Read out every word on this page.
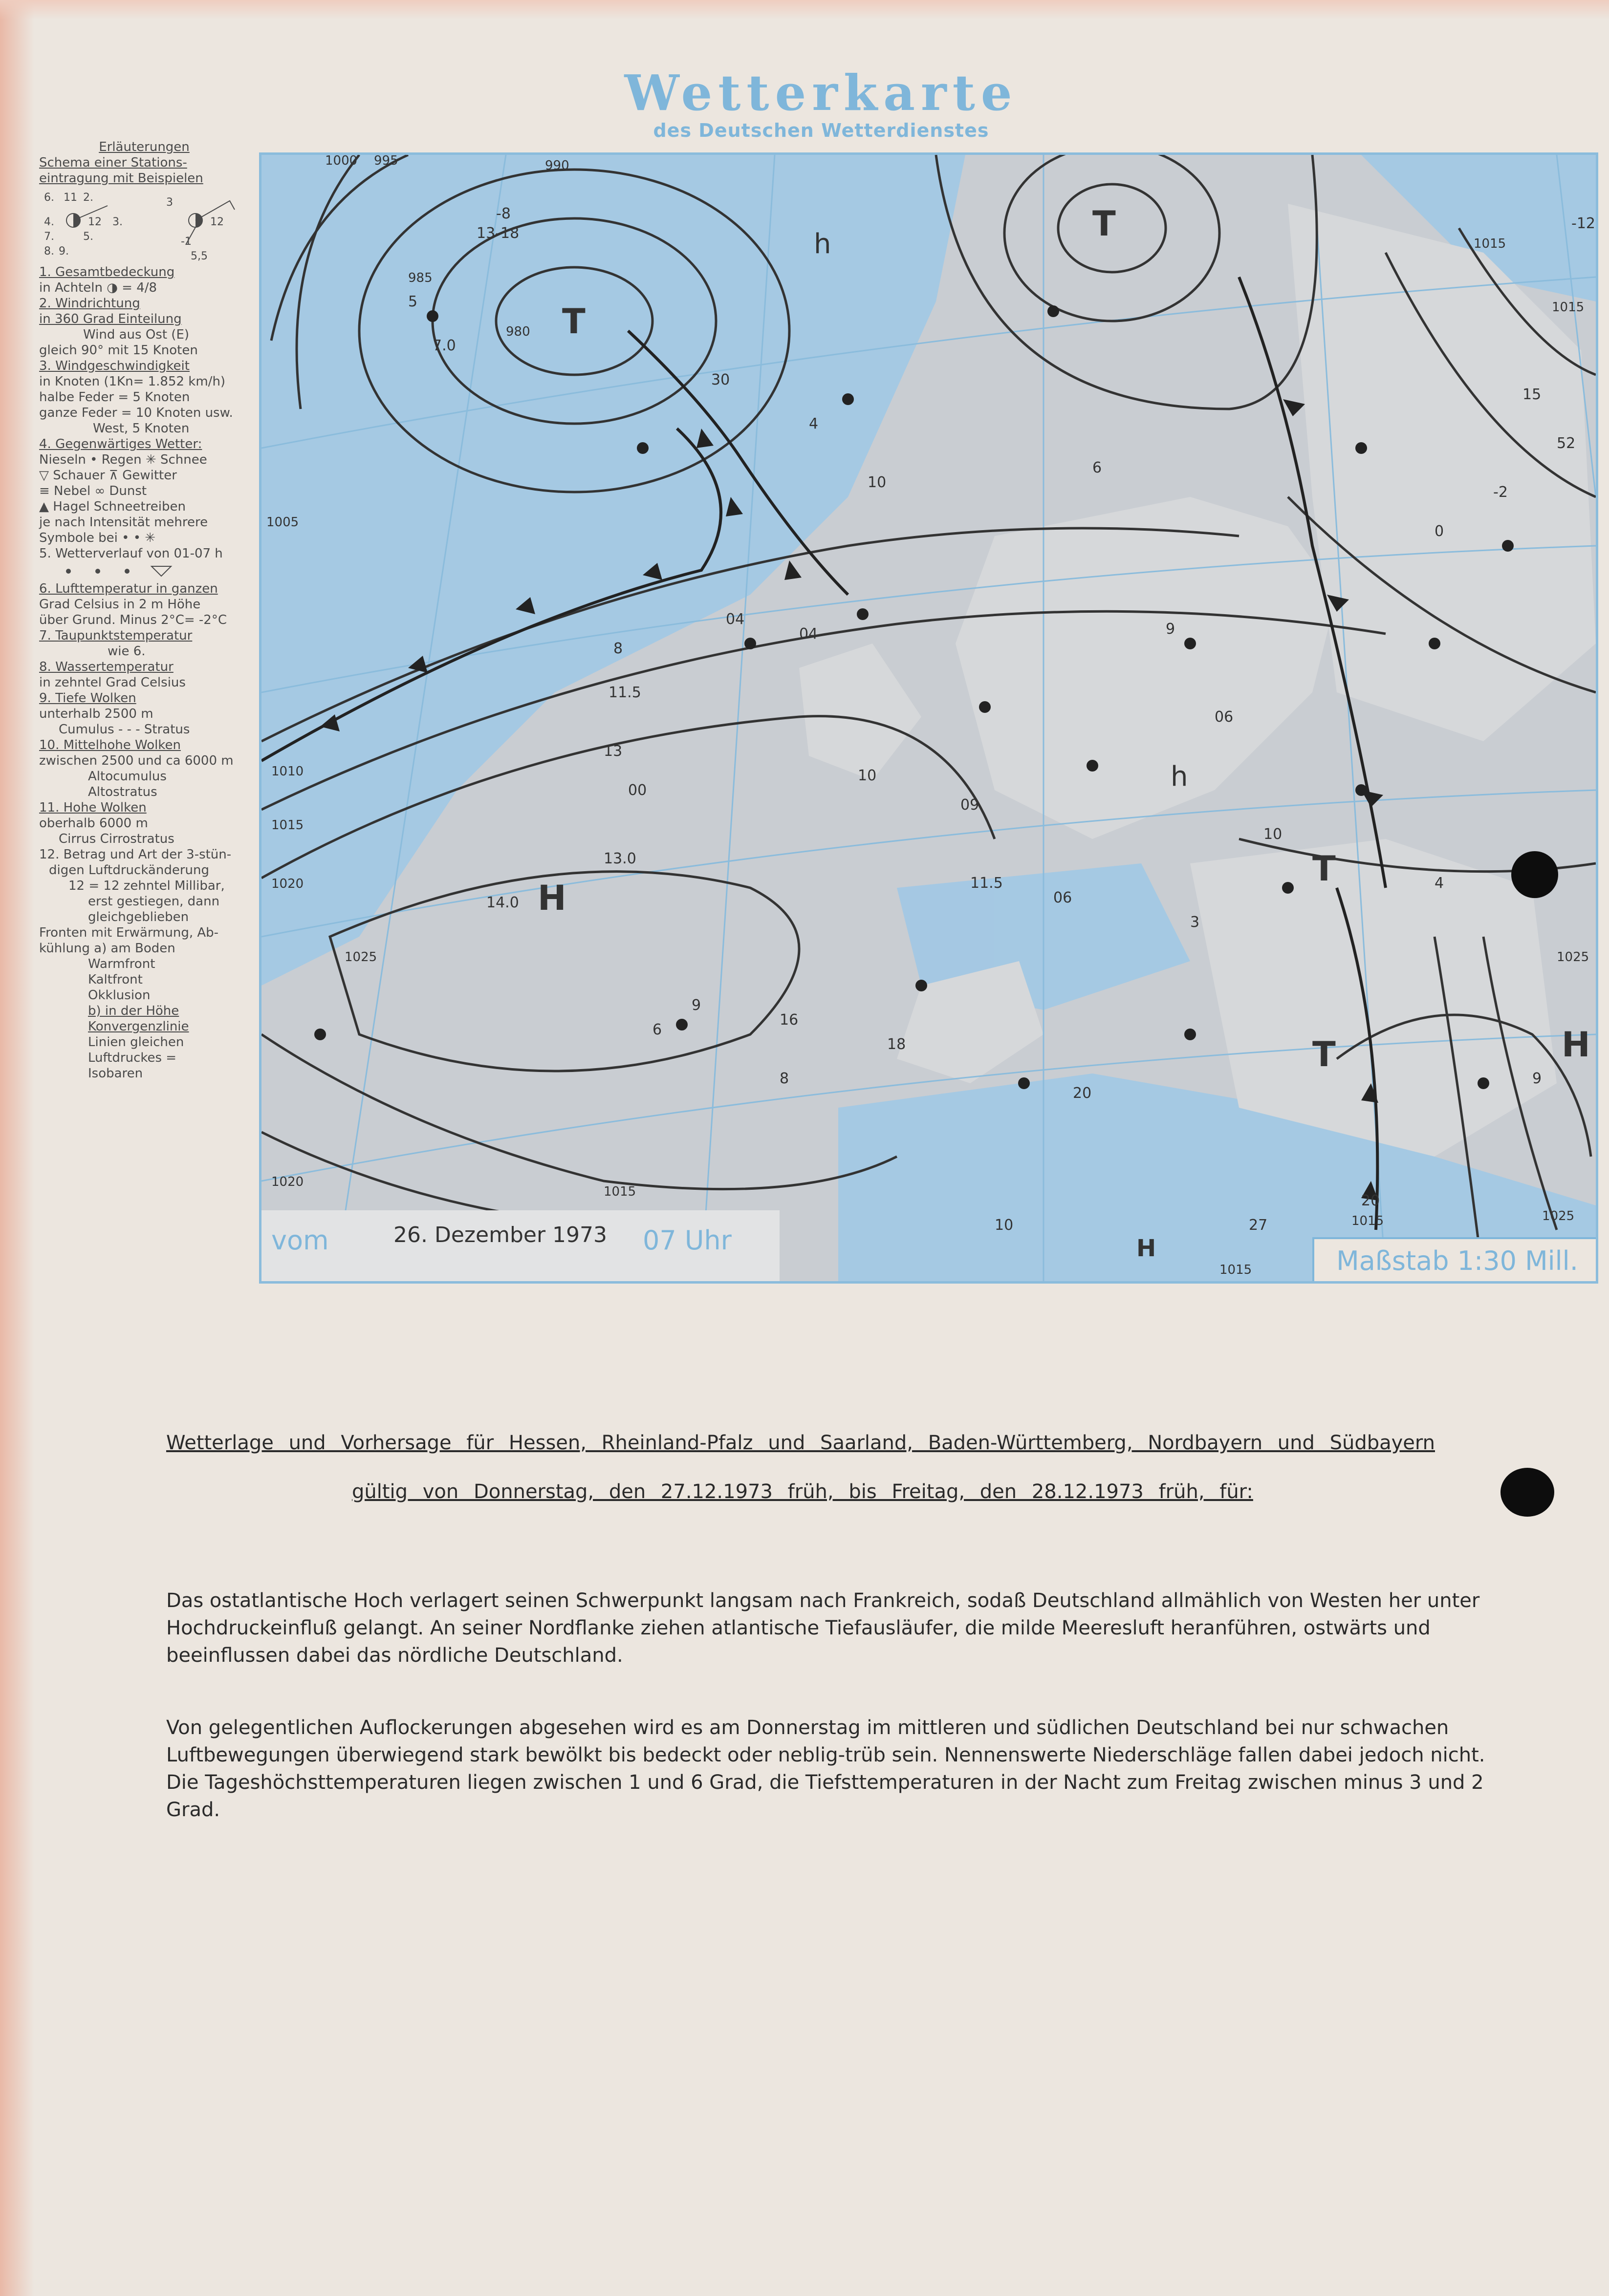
Wetterkarte
des Deutschen Wetterdienstes
Erläuterungen
Schema einer Stations-
eintragung mit Beispielen
6. 11 2.
4.	12 3.
7.	5.
8. 9.
3
-1
12
5,5
1. Gesamtbedeckung
in Achteln ◑ = 4/8
2. Windrichtung
in 360 Grad Einteilung
Wind aus Ost (E)
gleich 90° mit 15 Knoten
3. Windgeschwindigkeit
in Knoten (1Kn= 1.852 km/h)
halbe Feder = 5 Knoten
ganze Feder = 10 Knoten usw.
West, 5 Knoten
4. Gegenwärtiges Wetter:
Nieseln • Regen ✳ Schnee
▽ Schauer ⊼ Gewitter
≡ Nebel ∞ Dunst
▲ Hagel Schneetreiben
je nach Intensität mehrere
Symbole bei • • ✳
5. Wetterverlauf von 01-07 h
6. Lufttemperatur in ganzen
Grad Celsius in 2 m Höhe
über Grund. Minus 2°C= -2°C
7. Taupunktstemperatur
wie 6.
8. Wassertemperatur
in zehntel Grad Celsius
9. Tiefe Wolken
unterhalb 2500 m
Cumulus - - - Stratus
10. Mittelhohe Wolken
zwischen 2500 und ca 6000 m
Altocumulus
Altostratus
11. Hohe Wolken
oberhalb 6000 m
Cirrus Cirrostratus
12. Betrag und Art der 3-stün-
digen Luftdruckänderung
12 = 12 zehntel Millibar,
erst gestiegen, dann
gleichgeblieben
Fronten mit Erwärmung, Ab-
kühlung a) am Boden
Warmfront
Kaltfront
Okklusion
b) in der Höhe
Konvergenzlinie
Linien gleichen
Luftdruckes =
Isobaren
5
7.0
-8
13-18
30
4
10
04
04
8
11.5
13
00
10
09
11.5
06
3
13.0
14.0
9
6
16
18
20
8
10	27
20
9
0
-2
-12
15
52
6
9
06
10
4
980
985
990
995
1000
1005
1010
1015
1020
1020
1025	1025
1025
1015
1015
1015
1015
1015
T
T
H
H
H
T
T
h
h
vom	26. Dezember 1973 07 Uhr
Maßstab 1:30 Mill.
Wetterlage und Vorhersage für Hessen, Rheinland-Pfalz und Saarland, Baden-Württemberg, Nordbayern und Südbayern
gültig von Donnerstag, den 27.12.1973 früh, bis Freitag, den 28.12.1973 früh, für:
Das ostatlantische Hoch verlagert seinen Schwerpunkt langsam nach Frankreich, sodaß Deutschland allmählich von Westen her unter Hochdruckeinfluß gelangt. An seiner Nordflanke ziehen atlantische Tiefausläufer, die milde Meeresluft heranführen, ostwärts und beeinflussen dabei das nördliche Deutschland.
Von gelegentlichen Auflockerungen abgesehen wird es am Donnerstag im mittleren und südlichen Deutschland bei nur schwachen Luftbewegungen überwiegend stark bewölkt bis bedeckt oder neblig-trüb sein. Nennenswerte Niederschläge fallen dabei jedoch nicht. Die Tageshöchsttemperaturen liegen zwischen 1 und 6 Grad, die Tiefsttemperaturen in der Nacht zum Freitag zwischen minus 3 und 2 Grad.
